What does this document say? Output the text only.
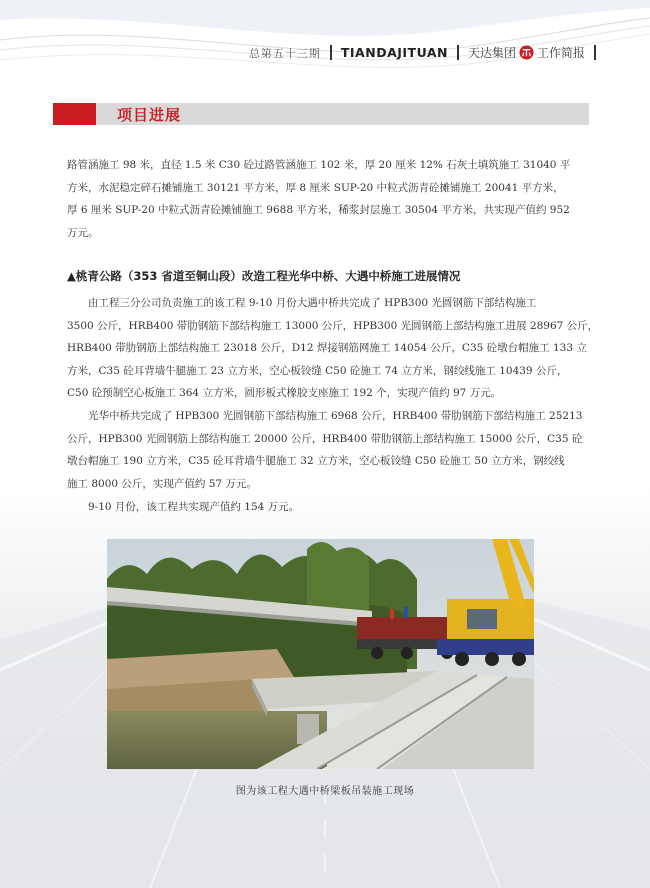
总第五十三期 TIANDAJITUAN 天达集团 工作简报
项目进展
路管涵施工 98 米，直径 1.5 米 C30 砼过路管涵施工 102 米，厚 20 厘米 12% 石灰土填筑施工 31040 平
方米，水泥稳定碎石摊铺施工 30121 平方米，厚 8 厘米 SUP-20 中粒式沥青砼摊铺施工 20041 平方米，
厚 6 厘米 SUP-20 中粒式沥青砼摊铺施工 9688 平方米，稀浆封层施工 30504 平方米，共实现产值约 952
万元。
▲桃青公路（353 省道至铜山段）改造工程光华中桥、大遇中桥施工进展情况
　　由工程三分公司负责施工的该工程 9-10 月份大遇中桥共完成了 HPB300 光圆钢筋下部结构施工
3500 公斤，HRB400 带肋钢筋下部结构施工 13000 公斤，HPB300 光圆钢筋上部结构施工进展 28967 公斤，
HRB400 带肋钢筋上部结构施工 23018 公斤，D12 焊接钢筋网施工 14054 公斤，C35 砼墩台帽施工 133 立
方米，C35 砼耳背墙牛腿施工 23 立方米，空心板铰缝 C50 砼施工 74 立方米，钢绞线施工 10439 公斤，
C50 砼预制空心板施工 364 立方米，圆形板式橡胶支座施工 192 个，实现产值约 97 万元。
　　光华中桥共完成了 HPB300 光圆钢筋下部结构施工 6968 公斤，HRB400 带肋钢筋下部结构施工 25213
公斤，HPB300 光圆钢筋上部结构施工 20000 公斤，HRB400 带肋钢筋上部结构施工 15000 公斤，C35 砼
墩台帽施工 190 立方米，C35 砼耳背墙牛腿施工 32 立方米，空心板铰缝 C50 砼施工 50 立方米，钢绞线
施工 8000 公斤，实现产值约 57 万元。
　　9-10 月份，该工程共实现产值约 154 万元。
图为该工程大遇中桥梁板吊装施工现场
